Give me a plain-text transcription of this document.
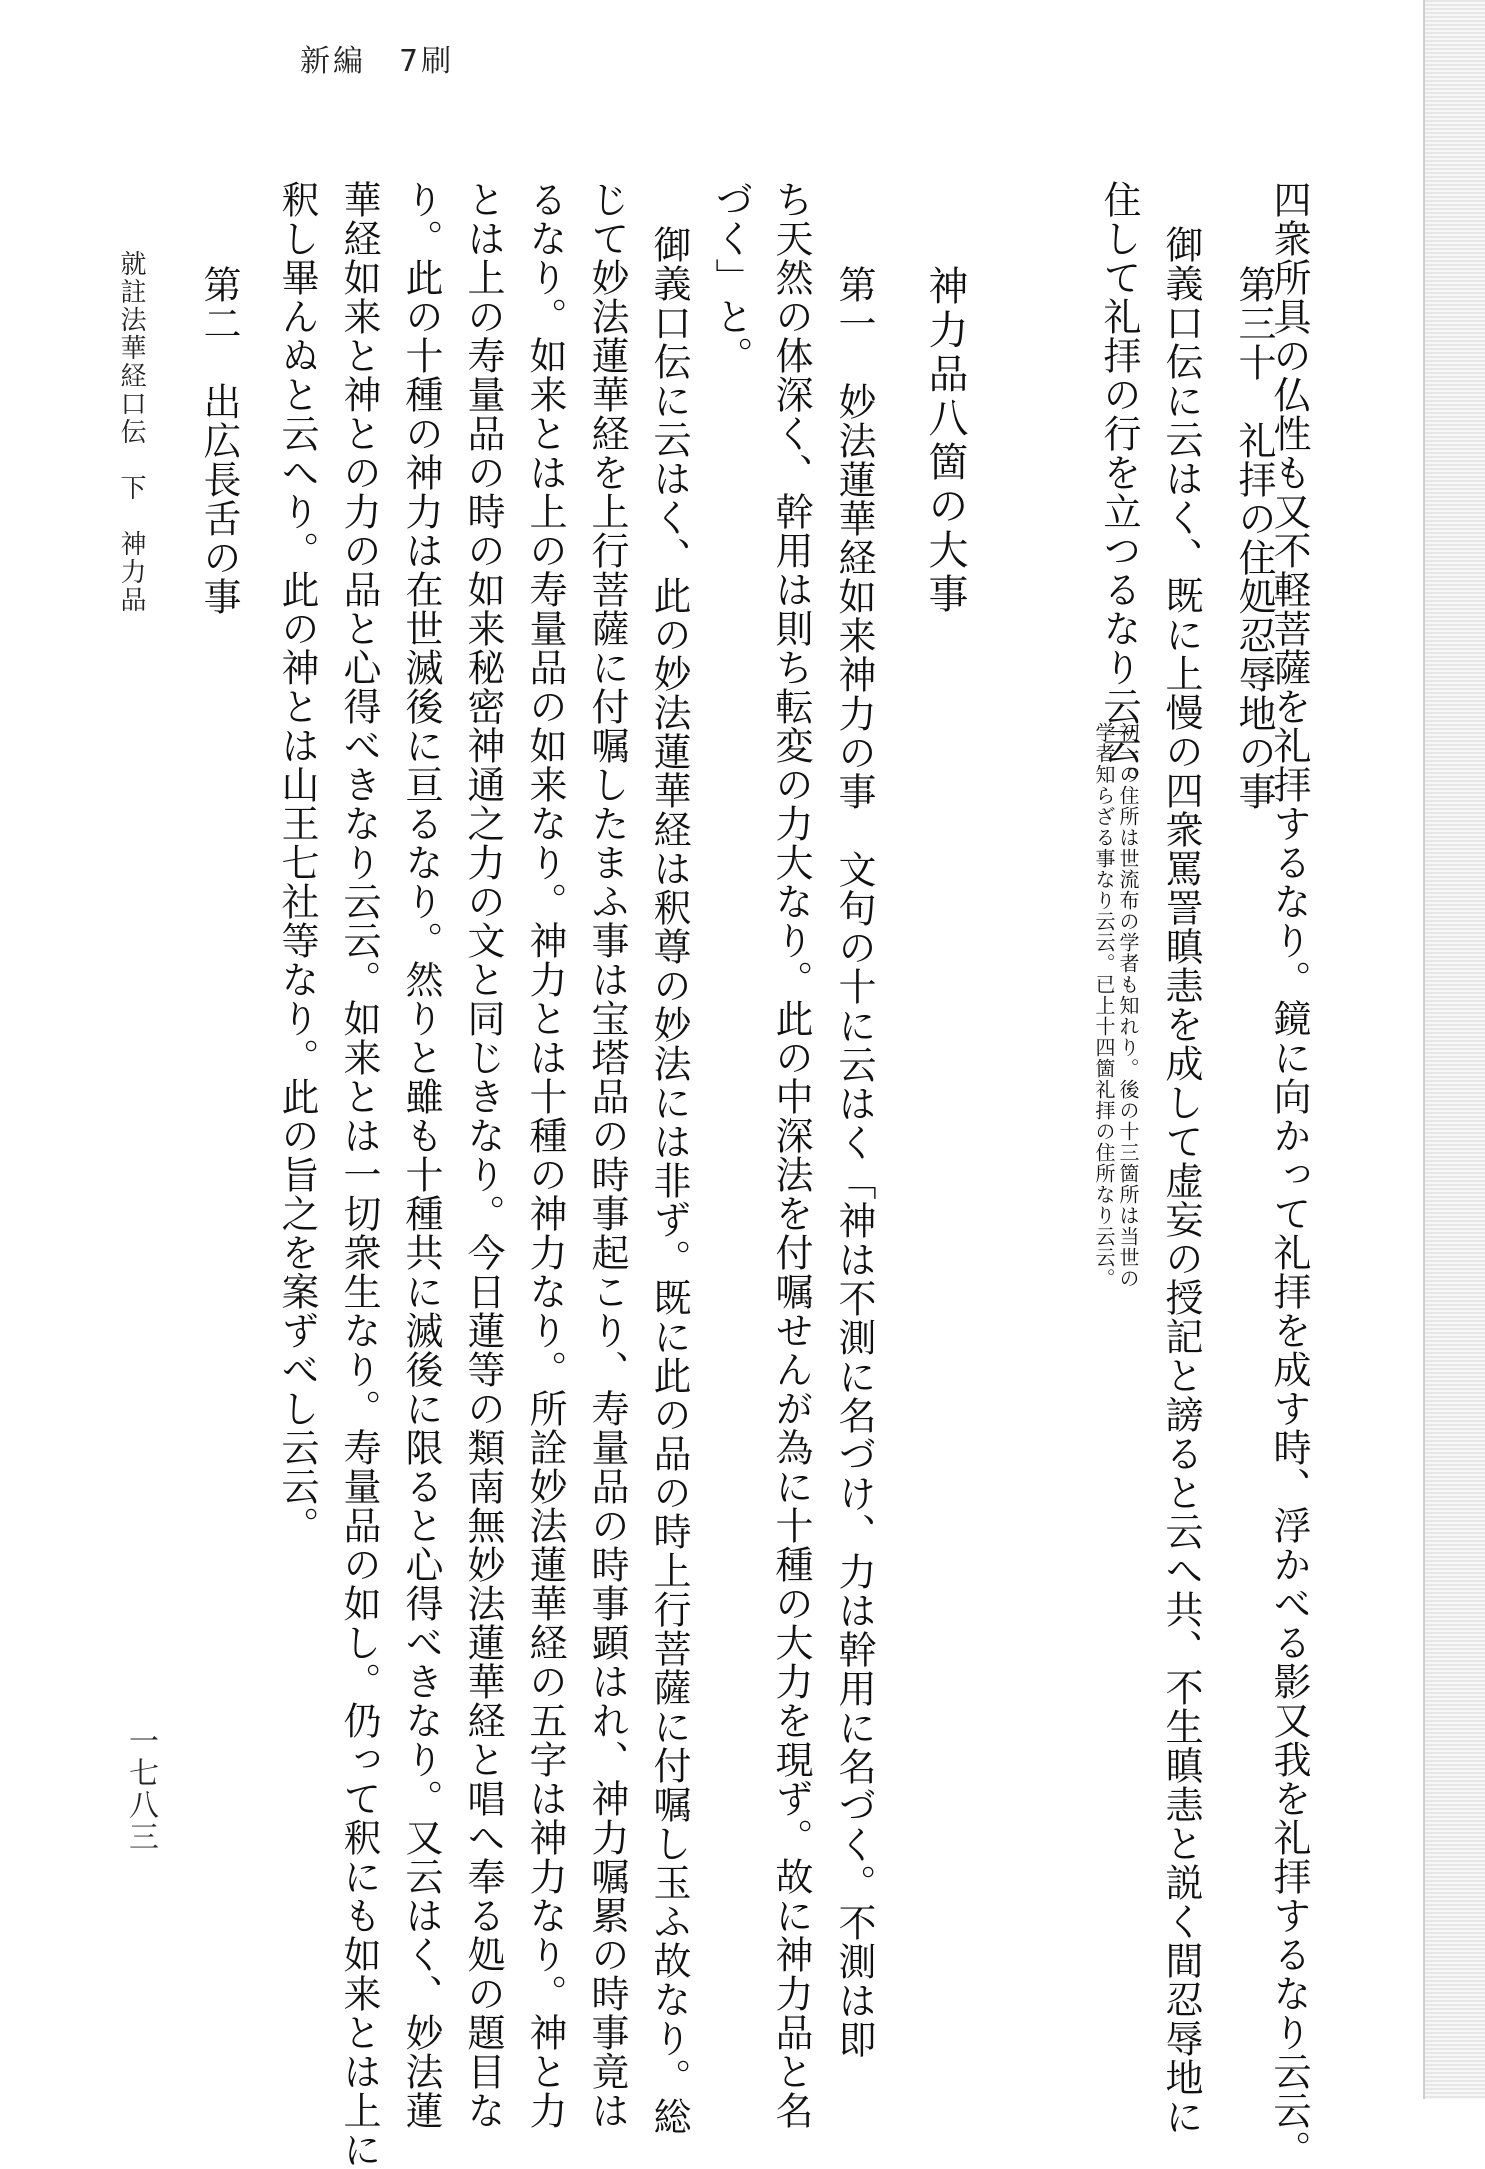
新編　7刷
四衆所具の仏性も又不軽菩薩を礼拝するなり。鏡に向かって礼拝を成す時、浮かべる影又我を礼拝するなり云云。
第三十　礼拝の住処忍辱地の事
御義口伝に云はく、既に上慢の四衆罵詈瞋恚を成して虚妄の授記と謗ると云へ共、不生瞋恚と説く間忍辱地に
住して礼拝の行を立つるなり云云。
初一の住所は世流布の学者も知れり。後の十三箇所は当世の
学者知らざる事なり云云。已上十四箇礼拝の住所なり云云。
神力品八箇の大事
第一　妙法蓮華経如来神力の事　文句の十に云はく「神は不測に名づけ、力は幹用に名づく。不測は即
ち天然の体深く、幹用は則ち転変の力大なり。此の中深法を付嘱せんが為に十種の大力を現ず。故に神力品と名
づく」と。
御義口伝に云はく、此の妙法蓮華経は釈尊の妙法には非ず。既に此の品の時上行菩薩に付嘱し玉ふ故なり。総
じて妙法蓮華経を上行菩薩に付嘱したまふ事は宝塔品の時事起こり、寿量品の時事顕はれ、神力嘱累の時事竟は
るなり。如来とは上の寿量品の如来なり。神力とは十種の神力なり。所詮妙法蓮華経の五字は神力なり。神と力
とは上の寿量品の時の如来秘密神通之力の文と同じきなり。今日蓮等の類南無妙法蓮華経と唱へ奉る処の題目な
り。此の十種の神力は在世滅後に亘るなり。然りと雖も十種共に滅後に限ると心得べきなり。又云はく、妙法蓮
華経如来と神との力の品と心得べきなり云云。如来とは一切衆生なり。寿量品の如し。仍って釈にも如来とは上に
釈し畢んぬと云へり。此の神とは山王七社等なり。此の旨之を案ずべし云云。
第二　出広長舌の事
就註法華経口伝　下　神力品
一七八三
